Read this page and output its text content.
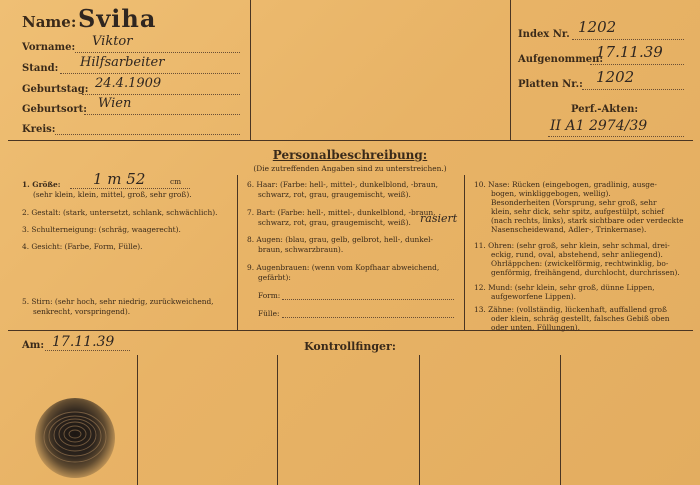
Name: Sviha
Vorname: Viktor
Stand: Hilfsarbeiter
Geburtstag: 24.4.1909
Geburtsort: Wien
Kreis:
Index Nr. 1202
Aufgenommen:
17.11.39
Platten Nr.: 1202
Perf.-Akten:
II A1 2974/39
Personalbeschreibung:
(Die zutreffenden Angaben sind zu unterstreichen.)
1. Größe: 1 m 52	cm
(sehr klein, klein, mittel, groß, sehr groß).
2. Gestalt: (stark, untersetzt, schlank, schwächlich).
3. Schulterneigung: (schräg, waagerecht).
4. Gesicht: (Farbe, Form, Fülle).
5. Stirn: (sehr hoch, sehr niedrig, zurückweichend,
senkrecht, vorspringend).
6. Haar: (Farbe: hell-, mittel-, dunkelblond, -braun,
schwarz, rot, grau, graugemischt, weiß).
7. Bart: (Farbe: hell-, mittel-, dunkelblond, -braun,
schwarz, rot, grau, graugemischt, weiß). rasiert
8. Augen: (blau, grau, gelb, gelbrot, hell-, dunkel-
braun, schwarzbraun).
9. Augenbrauen: (wenn vom Kopfhaar abweichend,
gefärbt):
Form:
Fülle:
10. Nase: Rücken (eingebogen, gradlinig, ausge-
bogen, winkliggebogen, wellig).
Besonderheiten (Vorsprung, sehr groß, sehr
klein, sehr dick, sehr spitz, aufgestülpt, schief
(nach rechts, links), stark sichtbare oder verdeckte
Nasenscheidewand, Adler-, Trinkernase).
11. Ohren: (sehr groß, sehr klein, sehr schmal, drei-
eckig, rund, oval, abstehend, sehr anliegend).
Ohrläppchen: (zwickelförmig, rechtwinklig, bo-
genförmig, freihängend, durchlocht, durchrissen).
12. Mund: (sehr klein, sehr groß, dünne Lippen,
aufgeworfene Lippen).
13. Zähne: (vollständig, lückenhaft, auffallend groß
oder klein, schräg gestellt, falsches Gebiß oben
oder unten, Füllungen).
Am: 17.11.39	Kontrollfinger:
